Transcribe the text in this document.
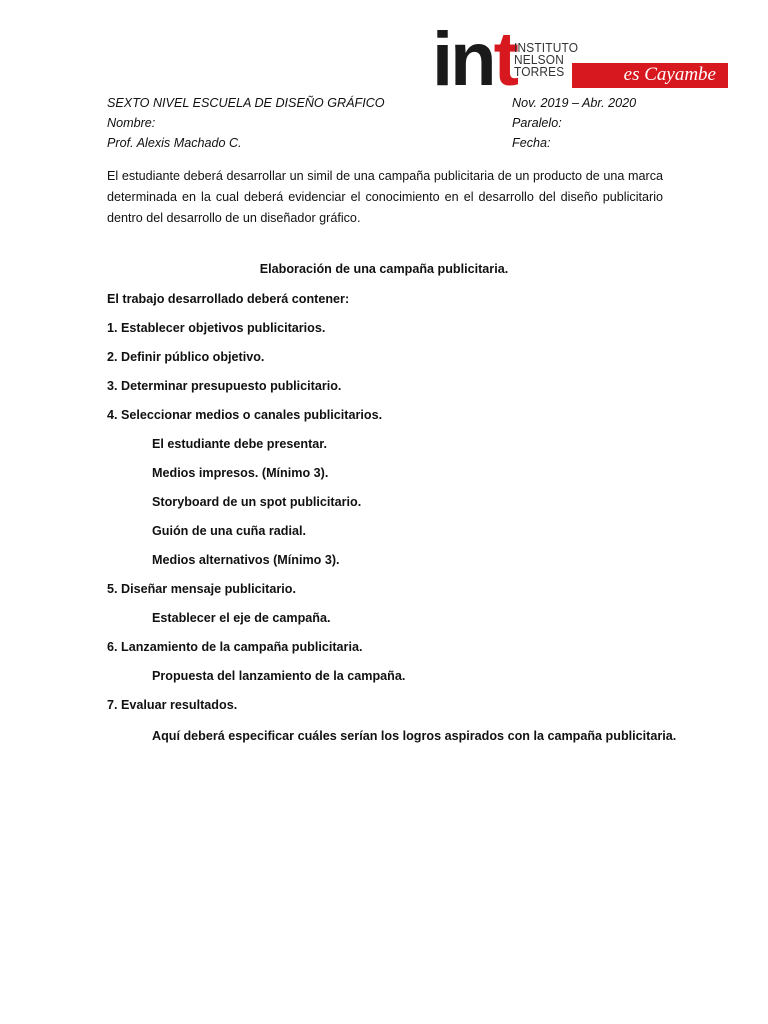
int
INSTITUTO
NELSON
TORRES	es Cayambe
SEXTO NIVEL ESCUELA DE DISEÑO GRÁFICO
Nombre:
Prof. Alexis Machado C.
Nov. 2019 – Abr. 2020
Paralelo:
Fecha:
El estudiante deberá desarrollar un simil de una campaña publicitaria de un producto de una marca determinada en la cual deberá evidenciar el conocimiento en el desarrollo del diseño publicitario dentro del desarrollo de un diseñador gráfico.
Elaboración de una campaña publicitaria.
El trabajo desarrollado deberá contener:
1. Establecer objetivos publicitarios.
2. Definir público objetivo.
3. Determinar presupuesto publicitario.
4. Seleccionar medios o canales publicitarios.
El estudiante debe presentar.
Medios impresos. (Mínimo 3).
Storyboard de un spot publicitario.
Guión de una cuña radial.
Medios alternativos (Mínimo 3).
5. Diseñar mensaje publicitario.
Establecer el eje de campaña.
6. Lanzamiento de la campaña publicitaria.
Propuesta del lanzamiento de la campaña.
7. Evaluar resultados.
Aquí deberá especificar cuáles serían los logros aspirados con la campaña publicitaria.
